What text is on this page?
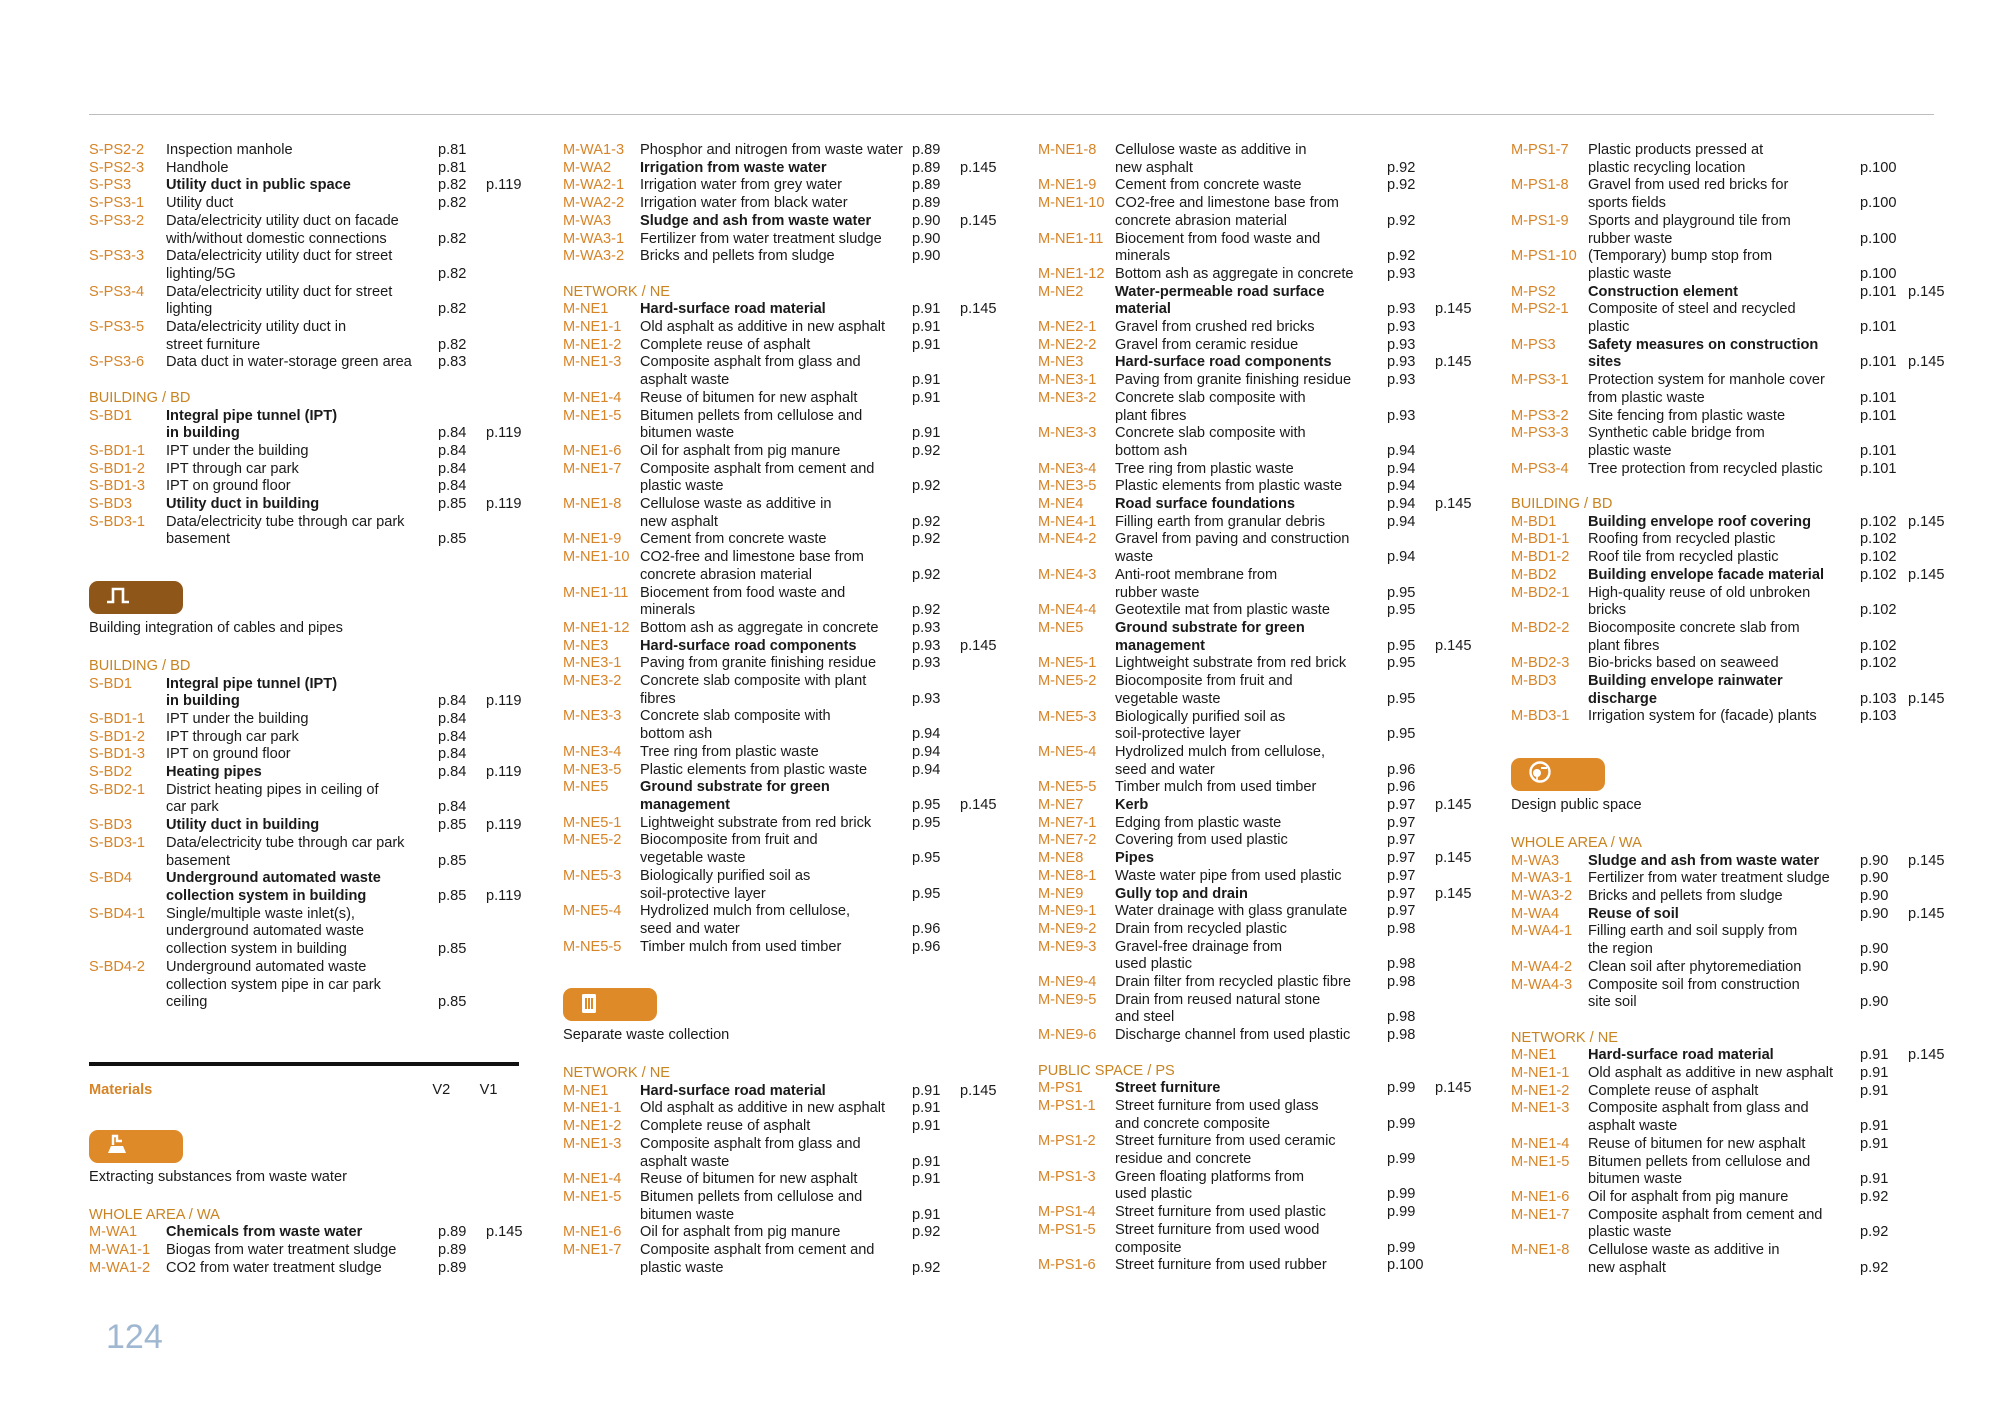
S-PS2-2	Inspection manhole	p.81
S-PS2-3	Handhole	p.81
S-PS3	Utility duct in public space	p.82	p.119
S-PS3-1	Utility duct	p.82
S-PS3-2	Data/electricity utility duct on facade
with/without domestic connections	p.82
S-PS3-3	Data/electricity utility duct for street
lighting/5G	p.82
S-PS3-4	Data/electricity utility duct for street
lighting	p.82
S-PS3-5	Data/electricity utility duct in
street furniture	p.82
S-PS3-6	Data duct in water-storage green area	p.83
BUILDING / BD
S-BD1	Integral pipe tunnel (IPT)
in building	p.84	p.119
S-BD1-1	IPT under the building	p.84
S-BD1-2	IPT through car park	p.84
S-BD1-3	IPT on ground floor	p.84
S-BD3	Utility duct in building	p.85	p.119
S-BD3-1	Data/electricity tube through car park
basement	p.85
Building integration of cables and pipes
BUILDING / BD
S-BD1	Integral pipe tunnel (IPT)
in building	p.84	p.119
S-BD1-1	IPT under the building	p.84
S-BD1-2	IPT through car park	p.84
S-BD1-3	IPT on ground floor	p.84
S-BD2	Heating pipes	p.84	p.119
S-BD2-1	District heating pipes in ceiling of
car park	p.84
S-BD3	Utility duct in building	p.85	p.119
S-BD3-1	Data/electricity tube through car park
basement	p.85
S-BD4	Underground automated waste
collection system in building	p.85	p.119
S-BD4-1	Single/multiple waste inlet(s),
underground automated waste
collection system in building	p.85
S-BD4-2	Underground automated waste
collection system pipe in car park
ceiling	p.85
Materials	V2	V1
Extracting substances from waste water
WHOLE AREA / WA
M-WA1	Chemicals from waste water	p.89	p.145
M-WA1-1	Biogas from water treatment sludge	p.89
M-WA1-2	CO2 from water treatment sludge	p.89
M-WA1-3	Phosphor and nitrogen from waste water p.89
M-WA2	Irrigation from waste water	p.89	p.145
M-WA2-1	Irrigation water from grey water	p.89
M-WA2-2	Irrigation water from black water	p.89
M-WA3	Sludge and ash from waste water	p.90	p.145
M-WA3-1	Fertilizer from water treatment sludge	p.90
M-WA3-2	Bricks and pellets from sludge	p.90
NETWORK / NE
M-NE1	Hard-surface road material	p.91	p.145
M-NE1-1	Old asphalt as additive in new asphalt	p.91
M-NE1-2	Complete reuse of asphalt	p.91
M-NE1-3	Composite asphalt from glass and
asphalt waste	p.91
M-NE1-4	Reuse of bitumen for new asphalt	p.91
M-NE1-5	Bitumen pellets from cellulose and
bitumen waste	p.91
M-NE1-6	Oil for asphalt from pig manure	p.92
M-NE1-7	Composite asphalt from cement and
plastic waste	p.92
M-NE1-8	Cellulose waste as additive in
new asphalt	p.92
M-NE1-9	Cement from concrete waste	p.92
M-NE1-10 CO2-free and limestone base from
concrete abrasion material	p.92
M-NE1-11 Biocement from food waste and
minerals	p.92
M-NE1-12 Bottom ash as aggregate in concrete	p.93
M-NE3	Hard-surface road components	p.93	p.145
M-NE3-1	Paving from granite finishing residue	p.93
M-NE3-2	Concrete slab composite with plant
fibres	p.93
M-NE3-3	Concrete slab composite with
bottom ash	p.94
M-NE3-4	Tree ring from plastic waste	p.94
M-NE3-5	Plastic elements from plastic waste	p.94
M-NE5	Ground substrate for green
management	p.95	p.145
M-NE5-1	Lightweight substrate from red brick	p.95
M-NE5-2	Biocomposite from fruit and
vegetable waste	p.95
M-NE5-3	Biologically purified soil as
soil-protective layer	p.95
M-NE5-4	Hydrolized mulch from cellulose,
seed and water	p.96
M-NE5-5	Timber mulch from used timber	p.96
Separate waste collection
NETWORK / NE
M-NE1	Hard-surface road material	p.91	p.145
M-NE1-1	Old asphalt as additive in new asphalt	p.91
M-NE1-2	Complete reuse of asphalt	p.91
M-NE1-3	Composite asphalt from glass and
asphalt waste	p.91
M-NE1-4	Reuse of bitumen for new asphalt	p.91
M-NE1-5	Bitumen pellets from cellulose and
bitumen waste	p.91
M-NE1-6	Oil for asphalt from pig manure	p.92
M-NE1-7	Composite asphalt from cement and
plastic waste	p.92
M-NE1-8	Cellulose waste as additive in
new asphalt	p.92
M-NE1-9	Cement from concrete waste	p.92
M-NE1-10 CO2-free and limestone base from
concrete abrasion material	p.92
M-NE1-11 Biocement from food waste and
minerals	p.92
M-NE1-12 Bottom ash as aggregate in concrete	p.93
M-NE2	Water-permeable road surface
material	p.93	p.145
M-NE2-1	Gravel from crushed red bricks	p.93
M-NE2-2	Gravel from ceramic residue	p.93
M-NE3	Hard-surface road components	p.93	p.145
M-NE3-1	Paving from granite finishing residue	p.93
M-NE3-2	Concrete slab composite with
plant fibres	p.93
M-NE3-3	Concrete slab composite with
bottom ash	p.94
M-NE3-4	Tree ring from plastic waste	p.94
M-NE3-5	Plastic elements from plastic waste	p.94
M-NE4	Road surface foundations	p.94	p.145
M-NE4-1	Filling earth from granular debris	p.94
M-NE4-2	Gravel from paving and construction
waste	p.94
M-NE4-3	Anti-root membrane from
rubber waste	p.95
M-NE4-4	Geotextile mat from plastic waste	p.95
M-NE5	Ground substrate for green
management	p.95	p.145
M-NE5-1	Lightweight substrate from red brick	p.95
M-NE5-2	Biocomposite from fruit and
vegetable waste	p.95
M-NE5-3	Biologically purified soil as
soil-protective layer	p.95
M-NE5-4	Hydrolized mulch from cellulose,
seed and water	p.96
M-NE5-5	Timber mulch from used timber	p.96
M-NE7	Kerb	p.97	p.145
M-NE7-1	Edging from plastic waste	p.97
M-NE7-2	Covering from used plastic	p.97
M-NE8	Pipes	p.97	p.145
M-NE8-1	Waste water pipe from used plastic	p.97
M-NE9	Gully top and drain	p.97	p.145
M-NE9-1	Water drainage with glass granulate	p.97
M-NE9-2	Drain from recycled plastic	p.98
M-NE9-3	Gravel-free drainage from
used plastic	p.98
M-NE9-4	Drain filter from recycled plastic fibre	p.98
M-NE9-5	Drain from reused natural stone
and steel	p.98
M-NE9-6	Discharge channel from used plastic	p.98
PUBLIC SPACE / PS
M-PS1	Street furniture	p.99	p.145
M-PS1-1	Street furniture from used glass
and concrete composite	p.99
M-PS1-2	Street furniture from used ceramic
residue and concrete	p.99
M-PS1-3	Green floating platforms from
used plastic	p.99
M-PS1-4	Street furniture from used plastic	p.99
M-PS1-5	Street furniture from used wood
composite	p.99
M-PS1-6	Street furniture from used rubber	p.100
M-PS1-7	Plastic products pressed at
plastic recycling location	p.100
M-PS1-8	Gravel from used red bricks for
sports fields	p.100
M-PS1-9	Sports and playground tile from
rubber waste	p.100
M-PS1-10 (Temporary) bump stop from
plastic waste	p.100
M-PS2	Construction element	p.101 p.145
M-PS2-1	Composite of steel and recycled
plastic	p.101
M-PS3	Safety measures on construction
sites	p.101 p.145
M-PS3-1	Protection system for manhole cover
from plastic waste	p.101
M-PS3-2	Site fencing from plastic waste	p.101
M-PS3-3	Synthetic cable bridge from
plastic waste	p.101
M-PS3-4	Tree protection from recycled plastic	p.101
BUILDING / BD
M-BD1	Building envelope roof covering	p.102 p.145
M-BD1-1	Roofing from recycled plastic	p.102
M-BD1-2	Roof tile from recycled plastic	p.102
M-BD2	Building envelope facade material	p.102 p.145
M-BD2-1	High-quality reuse of old unbroken
bricks	p.102
M-BD2-2	Biocomposite concrete slab from
plant fibres	p.102
M-BD2-3	Bio-bricks based on seaweed	p.102
M-BD3	Building envelope rainwater
discharge	p.103 p.145
M-BD3-1	Irrigation system for (facade) plants	p.103
Design public space
WHOLE AREA / WA
M-WA3	Sludge and ash from waste water	p.90	p.145
M-WA3-1	Fertilizer from water treatment sludge	p.90
M-WA3-2	Bricks and pellets from sludge	p.90
M-WA4	Reuse of soil	p.90	p.145
M-WA4-1	Filling earth and soil supply from
the region	p.90
M-WA4-2	Clean soil after phytoremediation	p.90
M-WA4-3	Composite soil from construction
site soil	p.90
NETWORK / NE
M-NE1	Hard-surface road material	p.91	p.145
M-NE1-1	Old asphalt as additive in new asphalt	p.91
M-NE1-2	Complete reuse of asphalt	p.91
M-NE1-3	Composite asphalt from glass and
asphalt waste	p.91
M-NE1-4	Reuse of bitumen for new asphalt	p.91
M-NE1-5	Bitumen pellets from cellulose and
bitumen waste	p.91
M-NE1-6	Oil for asphalt from pig manure	p.92
M-NE1-7	Composite asphalt from cement and
plastic waste	p.92
M-NE1-8	Cellulose waste as additive in
new asphalt	p.92
124
